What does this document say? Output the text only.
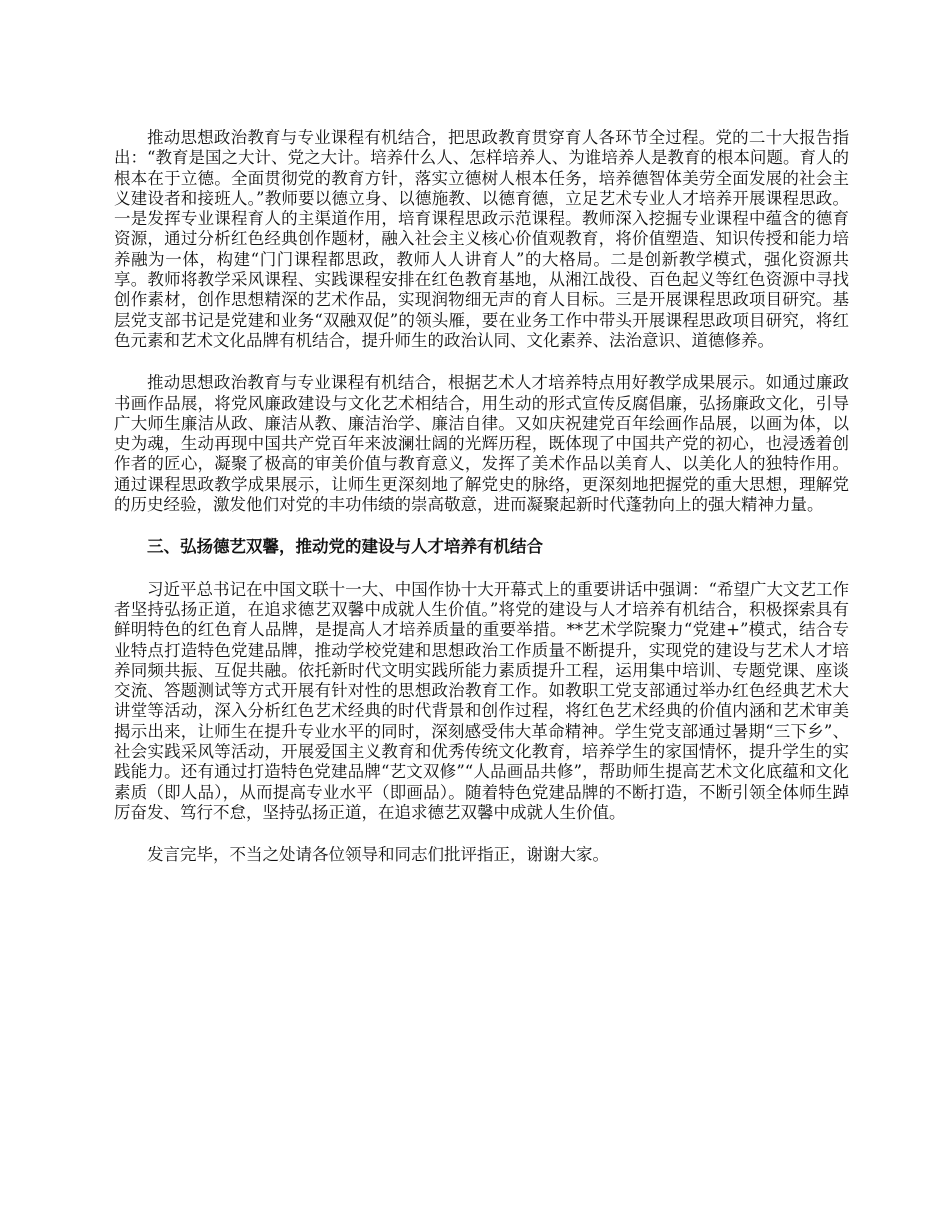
推动思想政治教育与专业课程有机结合，把思政教育贯穿育人各环节全过程。党的二十大报告指出：“教育是国之大计、党之大计。培养什么人、怎样培养人、为谁培养人是教育的根本问题。育人的根本在于立德。全面贯彻党的教育方针，落实立德树人根本任务，培养德智体美劳全面发展的社会主义建设者和接班人。”教师要以德立身、以德施教、以德育德，立足艺术专业人才培养开展课程思政。一是发挥专业课程育人的主渠道作用，培育课程思政示范课程。教师深入挖掘专业课程中蕴含的德育资源，通过分析红色经典创作题材，融入社会主义核心价值观教育，将价值塑造、知识传授和能力培养融为一体，构建“门门课程都思政，教师人人讲育人”的大格局。二是创新教学模式，强化资源共享。教师将教学采风课程、实践课程安排在红色教育基地，从湘江战役、百色起义等红色资源中寻找创作素材，创作思想精深的艺术作品，实现润物细无声的育人目标。三是开展课程思政项目研究。基层党支部书记是党建和业务“双融双促”的领头雁，要在业务工作中带头开展课程思政项目研究，将红色元素和艺术文化品牌有机结合，提升师生的政治认同、文化素养、法治意识、道德修养。

推动思想政治教育与专业课程有机结合，根据艺术人才培养特点用好教学成果展示。如通过廉政书画作品展，将党风廉政建设与文化艺术相结合，用生动的形式宣传反腐倡廉，弘扬廉政文化，引导广大师生廉洁从政、廉洁从教、廉洁治学、廉洁自律。又如庆祝建党百年绘画作品展，以画为体，以史为魂，生动再现中国共产党百年来波澜壮阔的光辉历程，既体现了中国共产党的初心，也浸透着创作者的匠心，凝聚了极高的审美价值与教育意义，发挥了美术作品以美育人、以美化人的独特作用。通过课程思政教学成果展示，让师生更深刻地了解党史的脉络，更深刻地把握党的重大思想，理解党的历史经验，激发他们对党的丰功伟绩的崇高敬意，进而凝聚起新时代蓬勃向上的强大精神力量。

三、弘扬德艺双馨，推动党的建设与人才培养有机结合

习近平总书记在中国文联十一大、中国作协十大开幕式上的重要讲话中强调：“希望广大文艺工作者坚持弘扬正道，在追求德艺双馨中成就人生价值。”将党的建设与人才培养有机结合，积极探索具有鲜明特色的红色育人品牌，是提高人才培养质量的重要举措。**艺术学院聚力“党建+”模式，结合专业特点打造特色党建品牌，推动学校党建和思想政治工作质量不断提升，实现党的建设与艺术人才培养同频共振、互促共融。依托新时代文明实践所能力素质提升工程，运用集中培训、专题党课、座谈交流、答题测试等方式开展有针对性的思想政治教育工作。如教职工党支部通过举办红色经典艺术大讲堂等活动，深入分析红色艺术经典的时代背景和创作过程，将红色艺术经典的价值内涵和艺术审美揭示出来，让师生在提升专业水平的同时，深刻感受伟大革命精神。学生党支部通过暑期“三下乡”、社会实践采风等活动，开展爱国主义教育和优秀传统文化教育，培养学生的家国情怀，提升学生的实践能力。还有通过打造特色党建品牌“艺文双修”“人品画品共修”，帮助师生提高艺术文化底蕴和文化素质（即人品），从而提高专业水平（即画品）。随着特色党建品牌的不断打造，不断引领全体师生踔厉奋发、笃行不怠，坚持弘扬正道，在追求德艺双馨中成就人生价值。

发言完毕，不当之处请各位领导和同志们批评指正，谢谢大家。
